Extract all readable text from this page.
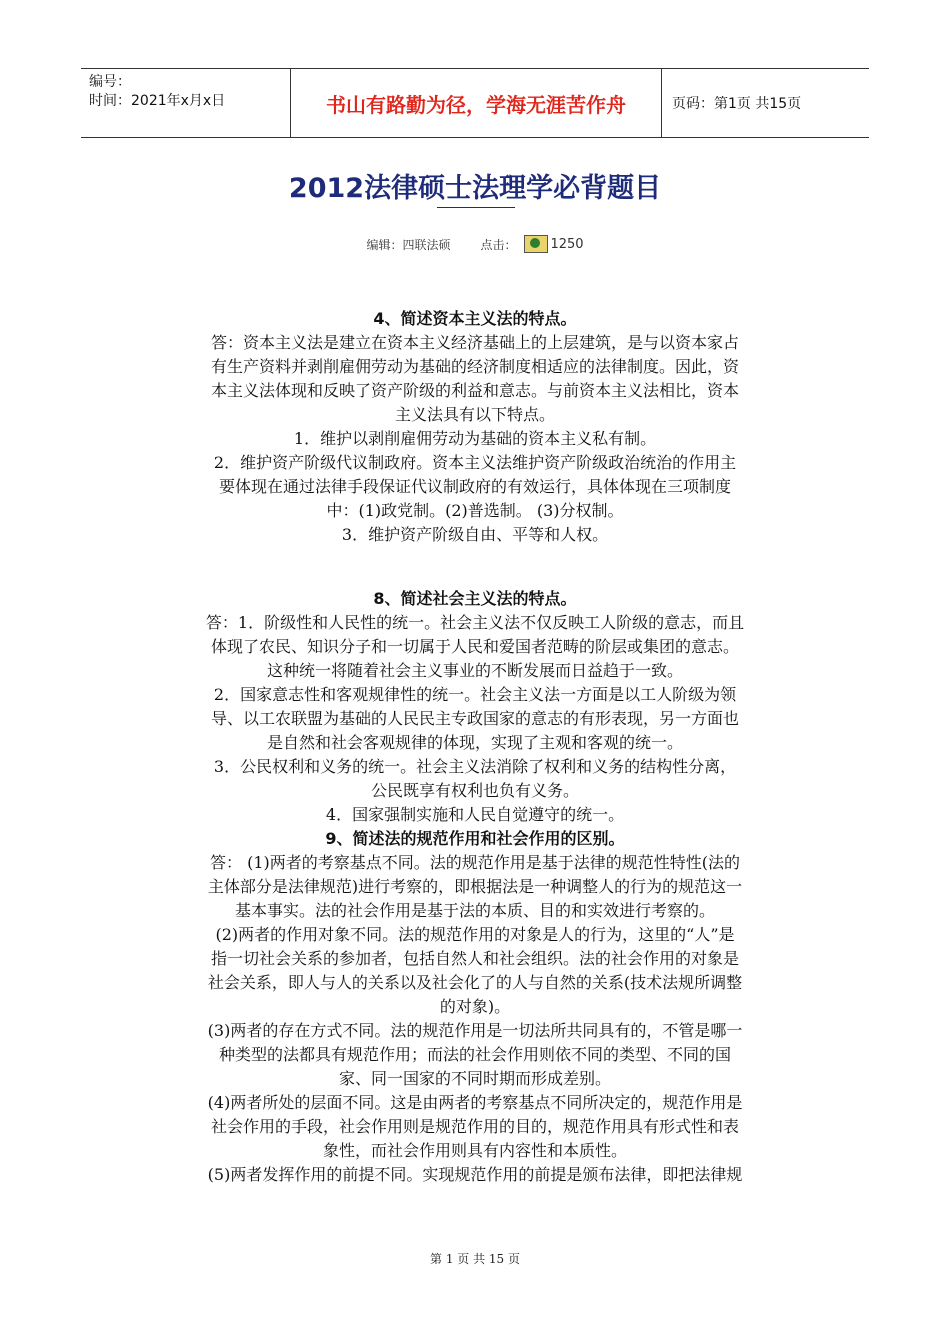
编号：
时间：2021年x月x日	书山有路勤为径，学海无涯苦作舟	页码：第1页 共15页
2012法律硕士法理学必背题目
编辑：四联法硕	点击：	1250
4、简述资本主义法的特点。
答：资本主义法是建立在资本主义经济基础上的上层建筑，是与以资本家占
有生产资料并剥削雇佣劳动为基础的经济制度相适应的法律制度。因此，资
本主义法体现和反映了资产阶级的利益和意志。与前资本主义法相比，资本
主义法具有以下特点。
1．维护以剥削雇佣劳动为基础的资本主义私有制。
2．维护资产阶级代议制政府。资本主义法维护资产阶级政治统治的作用主
要体现在通过法律手段保证代议制政府的有效运行，具体体现在三项制度
中：(1)政党制。(2)普选制。 (3)分权制。
3．维护资产阶级自由、平等和人权。
8、简述社会主义法的特点。
答：1．阶级性和人民性的统一。社会主义法不仅反映工人阶级的意志，而且
体现了农民、知识分子和一切属于人民和爱国者范畴的阶层或集团的意志。
这种统一将随着社会主义事业的不断发展而日益趋于一致。
2．国家意志性和客观规律性的统一。社会主义法一方面是以工人阶级为领
导、以工农联盟为基础的人民民主专政国家的意志的有形表现，另一方面也
是自然和社会客观规律的体现，实现了主观和客观的统一。
3．公民权利和义务的统一。社会主义法消除了权利和义务的结构性分离，
公民既享有权利也负有义务。
4．国家强制实施和人民自觉遵守的统一。
9、简述法的规范作用和社会作用的区别。
答： (1)两者的考察基点不同。法的规范作用是基于法律的规范性特性(法的
主体部分是法律规范)进行考察的，即根据法是一种调整人的行为的规范这一
基本事实。法的社会作用是基于法的本质、目的和实效进行考察的。
(2)两者的作用对象不同。法的规范作用的对象是人的行为，这里的“人”是
指一切社会关系的参加者，包括自然人和社会组织。法的社会作用的对象是
社会关系，即人与人的关系以及社会化了的人与自然的关系(技术法规所调整
的对象)。
(3)两者的存在方式不同。法的规范作用是一切法所共同具有的，不管是哪一
种类型的法都具有规范作用；而法的社会作用则依不同的类型、不同的国
家、同一国家的不同时期而形成差别。
(4)两者所处的层面不同。这是由两者的考察基点不同所决定的，规范作用是
社会作用的手段，社会作用则是规范作用的目的，规范作用具有形式性和表
象性，而社会作用则具有内容性和本质性。
(5)两者发挥作用的前提不同。实现规范作用的前提是颁布法律，即把法律规
第 1 页 共 15 页
